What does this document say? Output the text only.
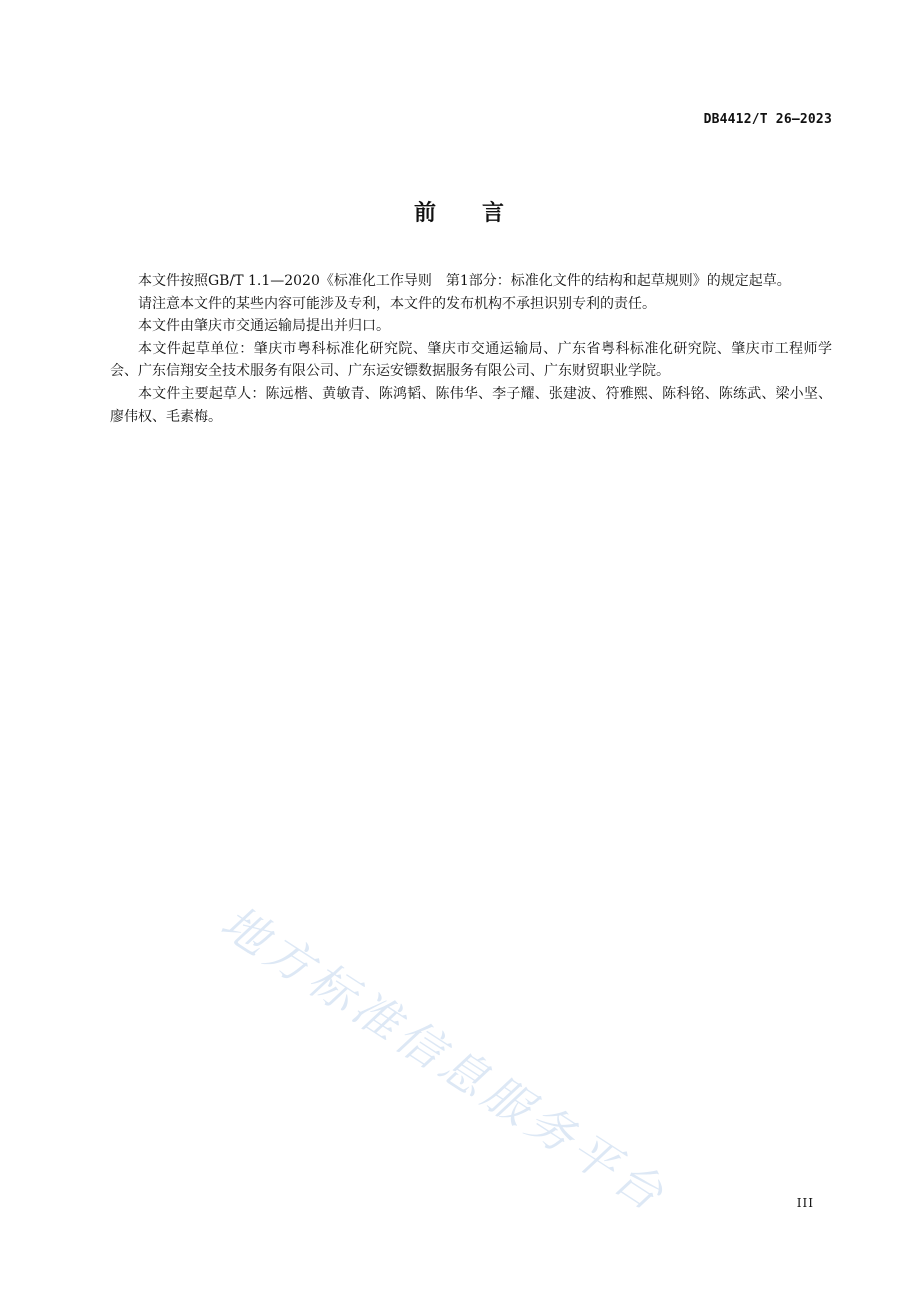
DB4412/T 26—2023
前 言

本文件按照GB/T 1.1—2020《标准化工作导则　第1部分：标准化文件的结构和起草规则》的规定起草。

请注意本文件的某些内容可能涉及专利，本文件的发布机构不承担识别专利的责任。

本文件由肇庆市交通运输局提出并归口。

本文件起草单位：肇庆市粤科标准化研究院、肇庆市交通运输局、广东省粤科标准化研究院、肇庆市工程师学会、广东信翔安全技术服务有限公司、广东运安镖数据服务有限公司、广东财贸职业学院。

本文件主要起草人：陈远楷、黄敏青、陈鸿韬、陈伟华、李子耀、张建波、符雅熙、陈科铭、陈练武、梁小坚、廖伟权、毛素梅。

地方标准信息服务平台	III
